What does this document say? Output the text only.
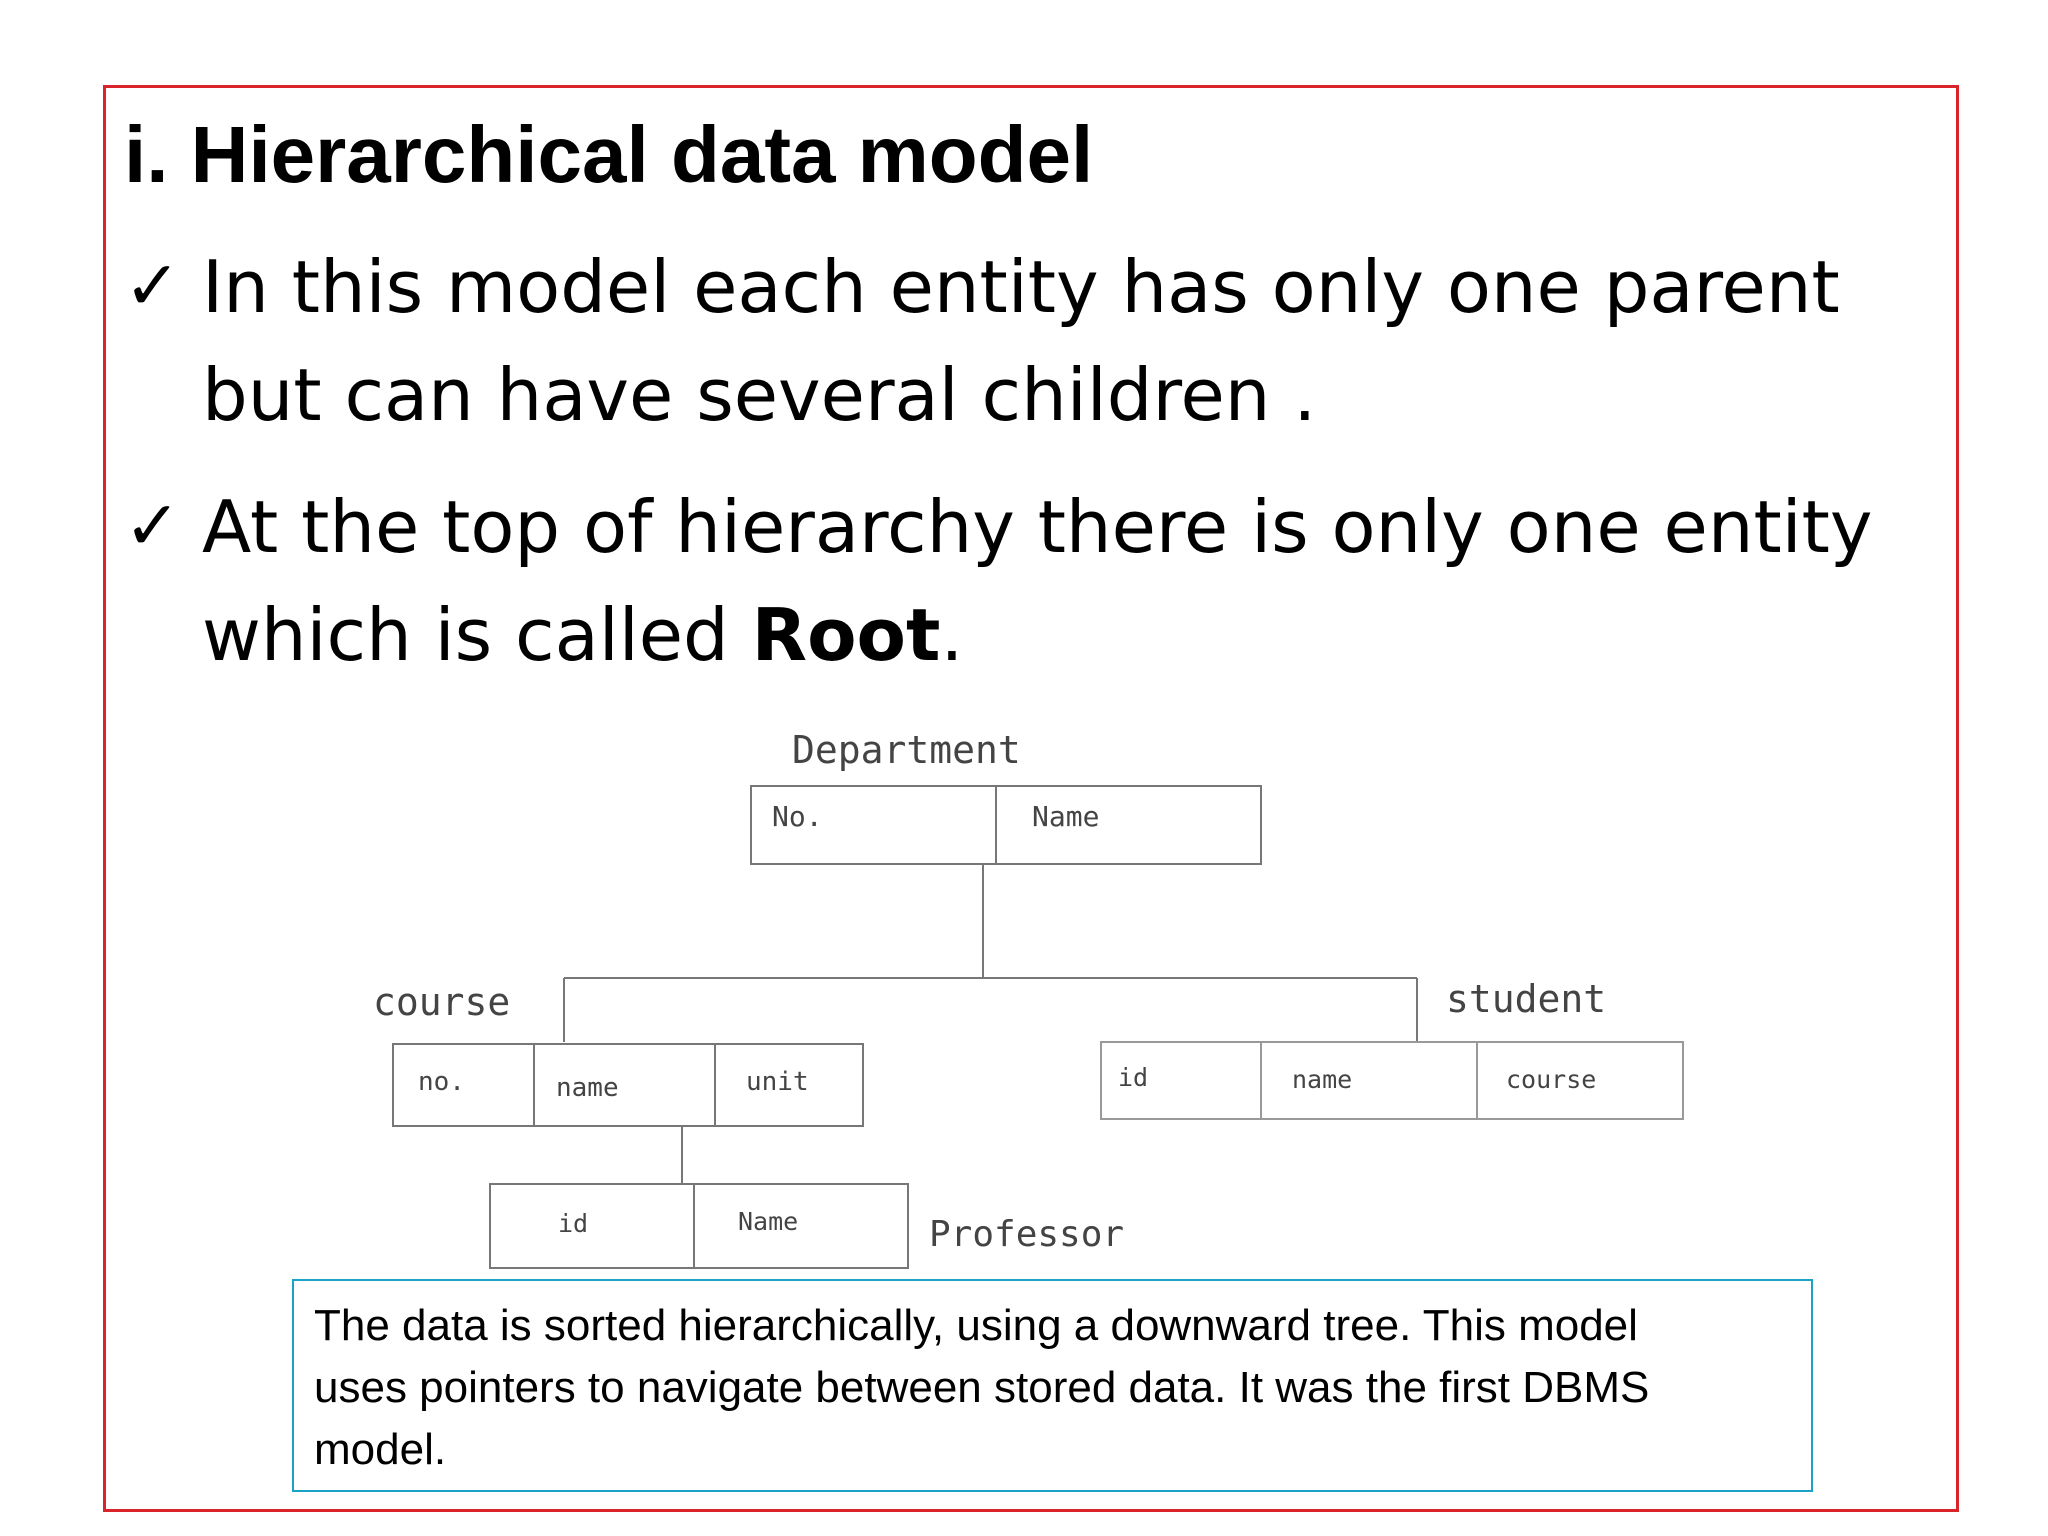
i. Hierarchical data model
✓ In this model each entity has only one parent
but can have several children .
✓ At the top of hierarchy there is only one entity
which is called Root.
Department
No.	Name
course
no.	name	unit
student
id	name	course
id	Name	Professor
The data is sorted hierarchically, using a downward tree. This model
uses pointers to navigate between stored data. It was the first DBMS
model.
